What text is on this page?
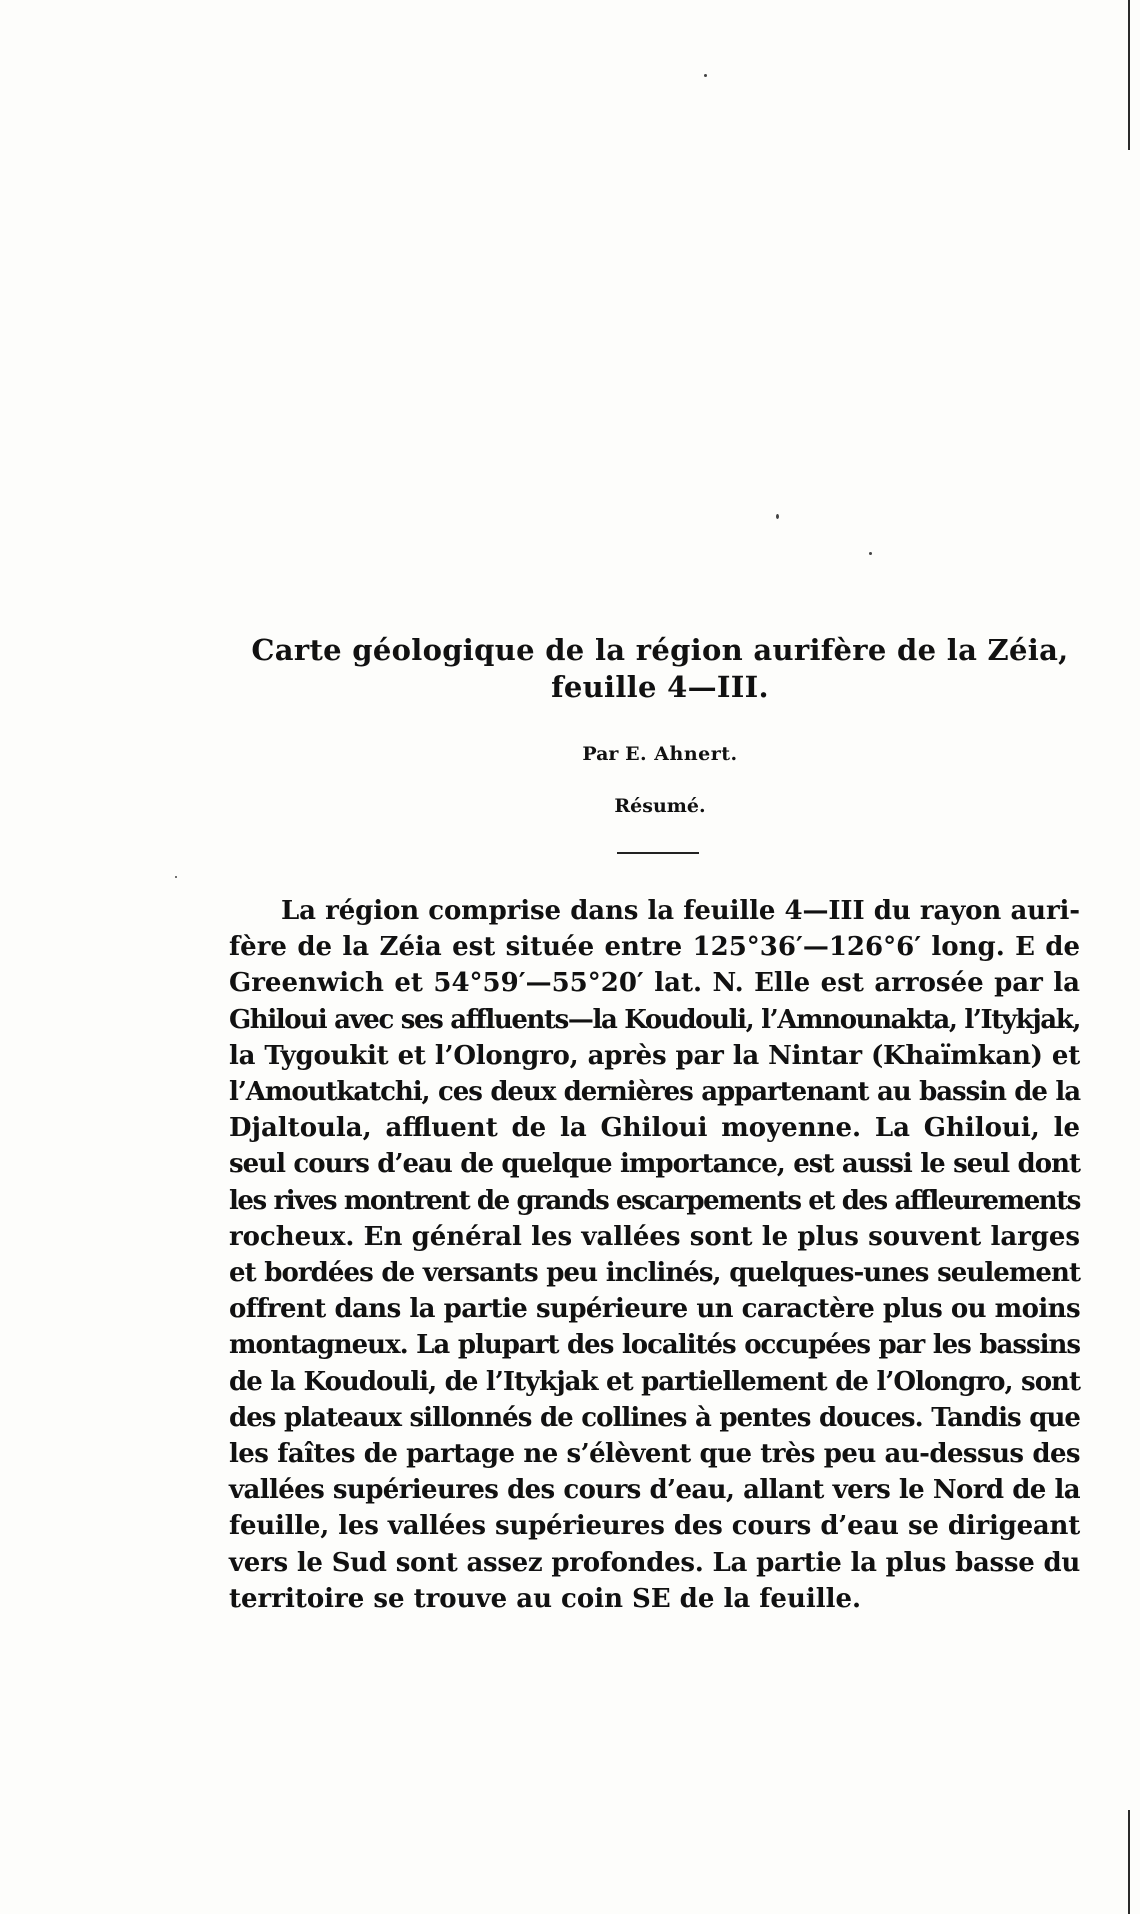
Carte géologique de la région aurifère de la Zéia,
feuille 4—III.
Par E. Ahnert.
Résumé.
La région comprise dans la feuille 4—III du rayon auri-
fère de la Zéia est située entre 125°36′—126°6′ long. E de
Greenwich et 54°59′—55°20′ lat. N. Elle est arrosée par la
Ghiloui avec ses affluents—la Koudouli, l’Amnounakta, l’Itykjak,
la Tygoukit et l’Olongro, après par la Nintar (Khaïmkan) et
l’Amoutkatchi, ces deux dernières appartenant au bassin de la
Djaltoula, affluent de la Ghiloui moyenne. La Ghiloui, le
seul cours d’eau de quelque importance, est aussi le seul dont
les rives montrent de grands escarpements et des affleurements
rocheux. En général les vallées sont le plus souvent larges
et bordées de versants peu inclinés, quelques-unes seulement
offrent dans la partie supérieure un caractère plus ou moins
montagneux. La plupart des localités occupées par les bassins
de la Koudouli, de l’Itykjak et partiellement de l’Olongro, sont
des plateaux sillonnés de collines à pentes douces. Tandis que
les faîtes de partage ne s’élèvent que très peu au-dessus des
vallées supérieures des cours d’eau, allant vers le Nord de la
feuille, les vallées supérieures des cours d’eau se dirigeant
vers le Sud sont assez profondes. La partie la plus basse du
territoire se trouve au coin SE de la feuille.
